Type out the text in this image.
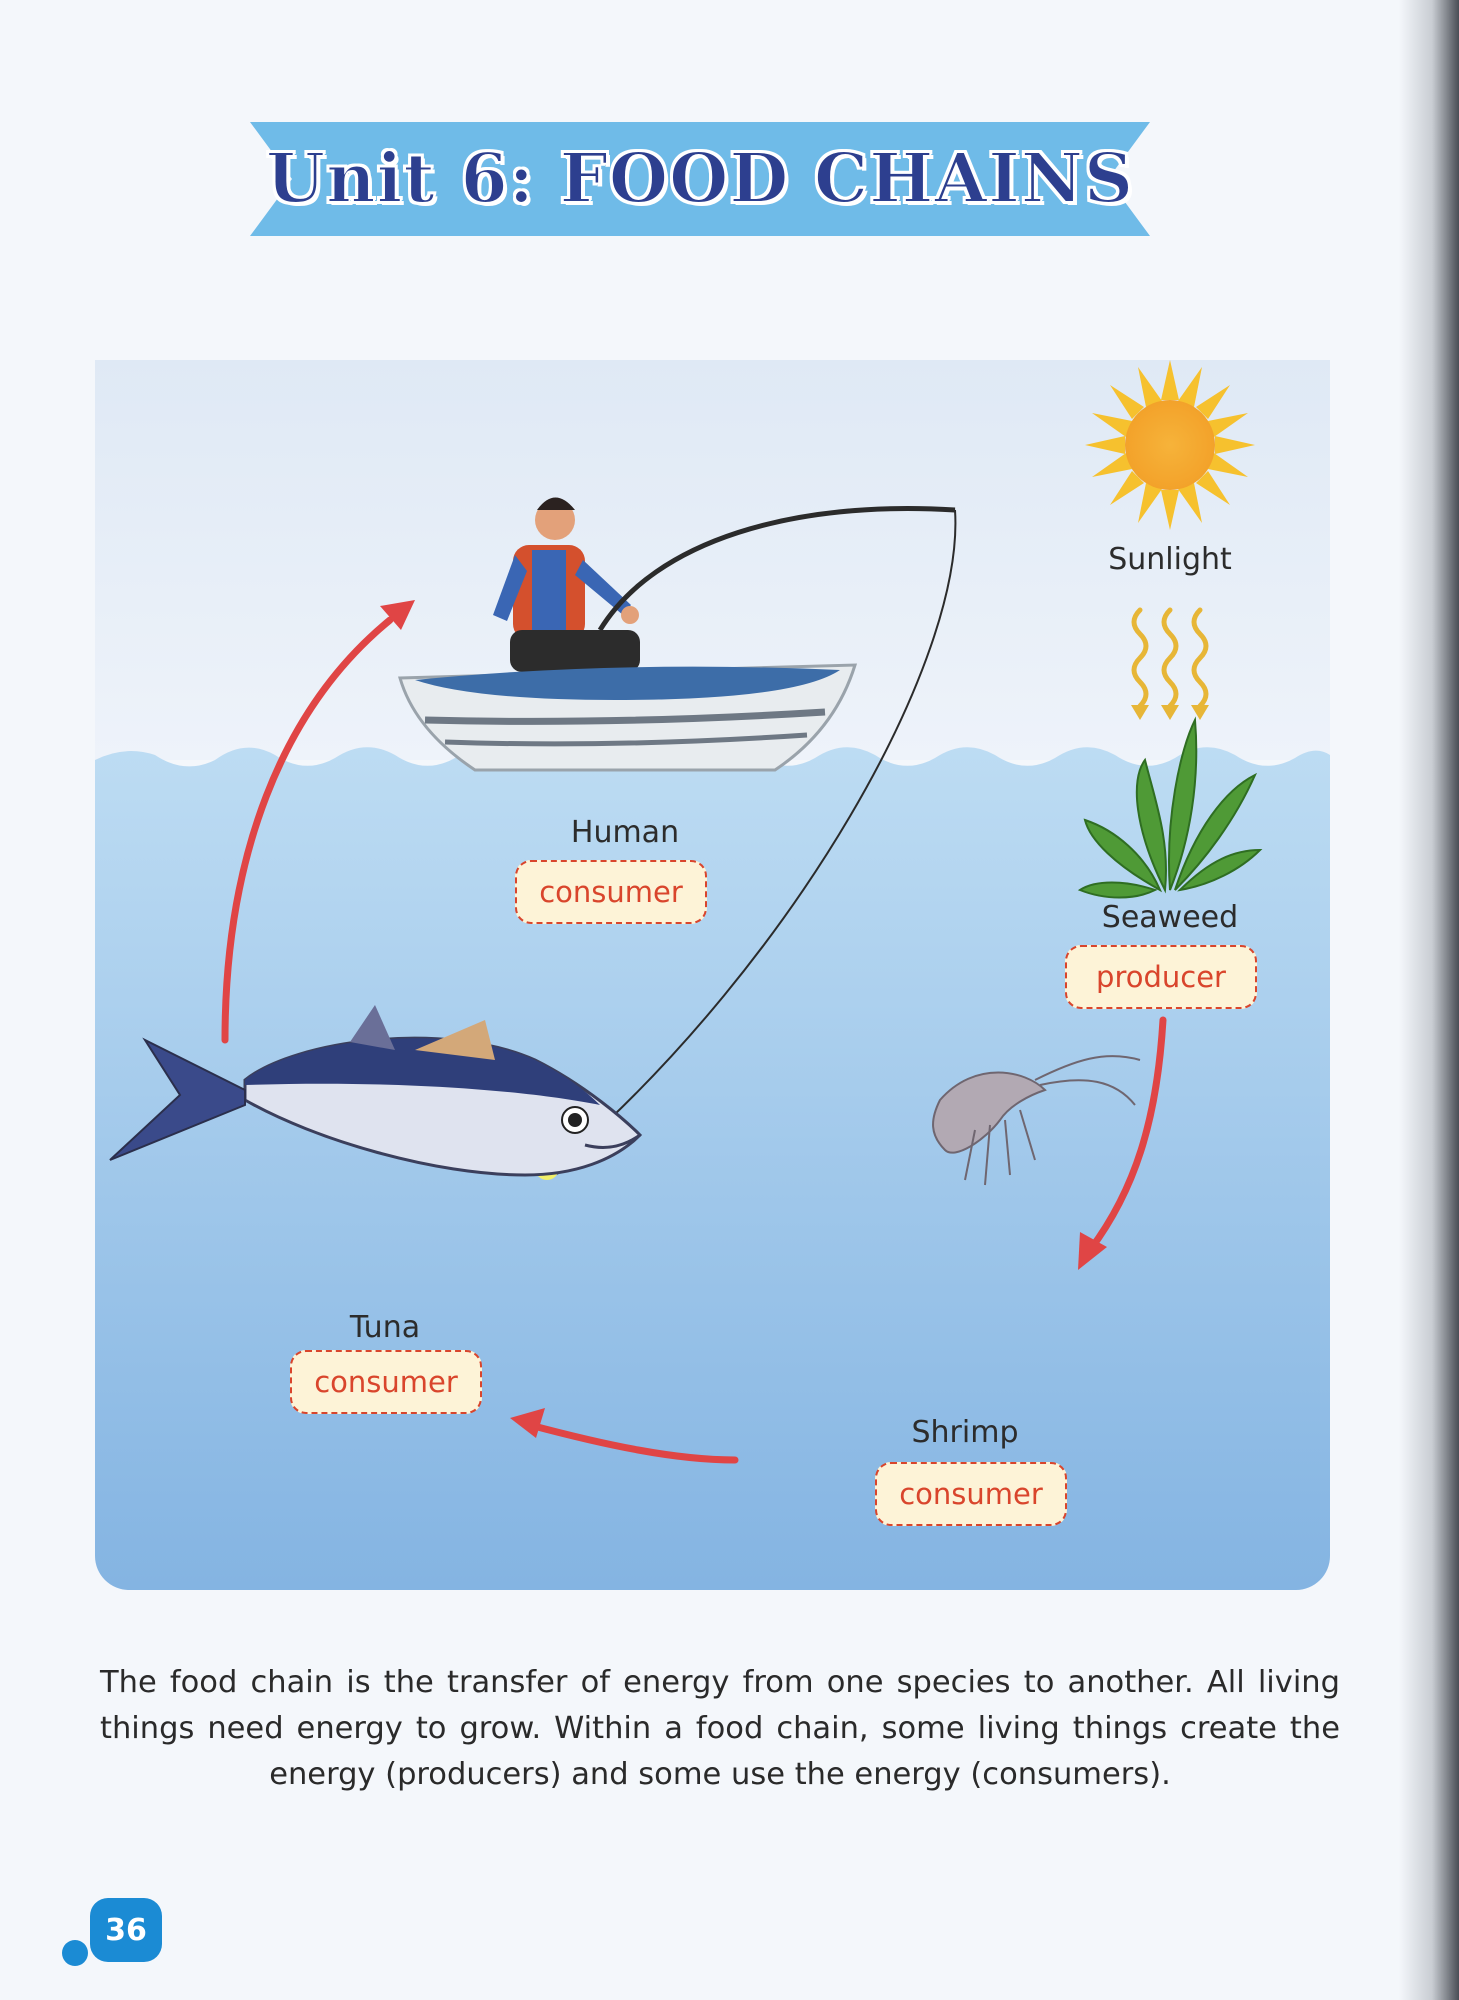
Unit 6: FOOD CHAINS
Sunlight
Seaweed
producer
Shrimp
consumer
Tuna
consumer
Human
consumer
The food chain is the transfer of energy from one species to another. All living things need energy to grow. Within a food chain, some living things create the energy (producers) and some use the energy (consumers).
36
